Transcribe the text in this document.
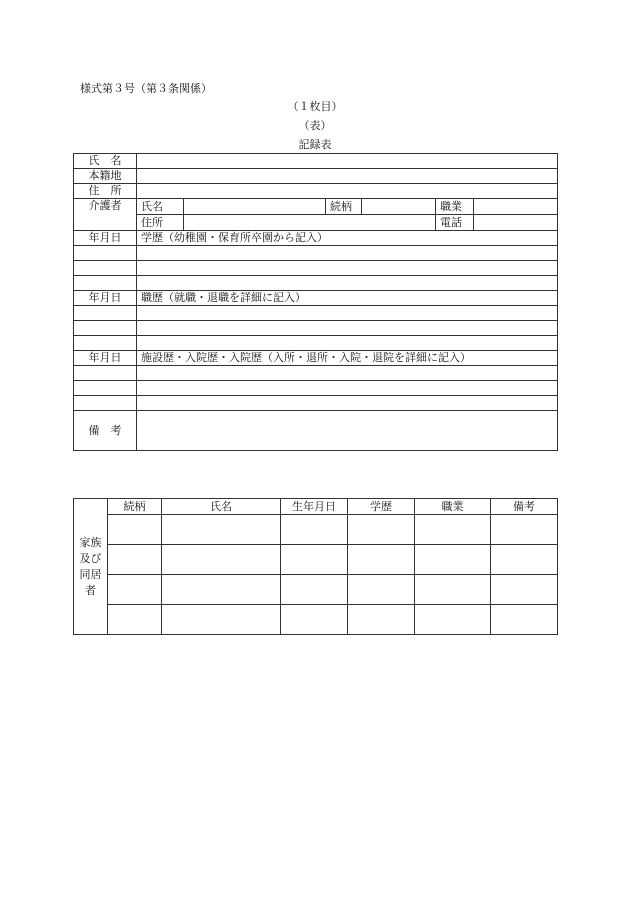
様式第３号（第３条関係）
（１枚目）
（表）
記録表
氏　名						
本籍地						
住　所						
介護者	氏名		続柄		職業	
	住所				電話	
年月日	学歴（幼稚園・保育所卒園から記入）					

年月日	職歴（就職・退職を詳細に記入）					

年月日	施設歴・入院歴・入院歴（入所・退所・入院・退院を詳細に記入）					

備　考						
家族及び同居者	続柄	氏名	生年月日	学歴	職業	備考
